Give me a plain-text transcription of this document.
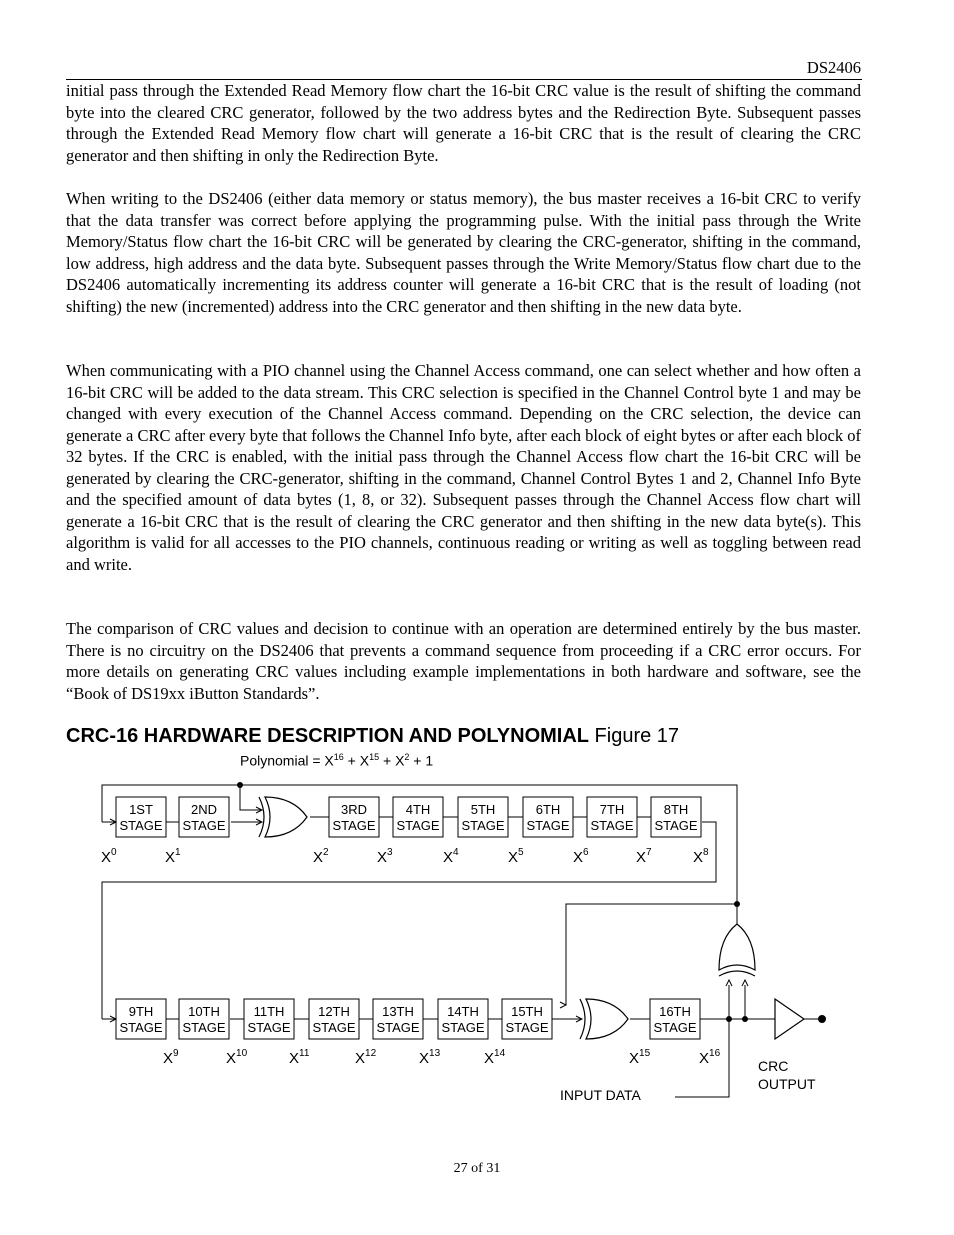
DS2406

initial pass through the Extended Read Memory flow chart the 16-bit CRC value is the result of shifting the command byte into the cleared CRC generator, followed by the two address bytes and the Redirection Byte. Subsequent passes through the Extended Read Memory flow chart will generate a 16-bit CRC that is the result of clearing the CRC generator and then shifting in only the Redirection Byte.

When writing to the DS2406 (either data memory or status memory), the bus master receives a 16-bit CRC to verify that the data transfer was correct before applying the programming pulse. With the initial pass through the Write Memory/Status flow chart the 16-bit CRC will be generated by clearing the CRC-generator, shifting in the command, low address, high address and the data byte. Subsequent passes through the Write Memory/Status flow chart due to the DS2406 automatically incrementing its address counter will generate a 16-bit CRC that is the result of loading (not shifting) the new (incremented) address into the CRC generator and then shifting in the new data byte.

When communicating with a PIO channel using the Channel Access command, one can select whether and how often a 16-bit CRC will be added to the data stream. This CRC selection is specified in the Channel Control byte 1 and may be changed with every execution of the Channel Access command. Depending on the CRC selection, the device can generate a CRC after every byte that follows the Channel Info byte, after each block of eight bytes or after each block of 32 bytes. If the CRC is enabled, with the initial pass through the Channel Access flow chart the 16-bit CRC will be generated by clearing the CRC-generator, shifting in the command, Channel Control Bytes 1 and 2, Channel Info Byte and the specified amount of data bytes (1, 8, or 32). Subsequent passes through the Channel Access flow chart will generate a 16-bit CRC that is the result of clearing the CRC generator and then shifting in the new data byte(s). This algorithm is valid for all accesses to the PIO channels, continuous reading or writing as well as toggling between read and write.

The comparison of CRC values and decision to continue with an operation are determined entirely by the bus master. There is no circuitry on the DS2406 that prevents a command sequence from proceeding if a CRC error occurs. For more details on generating CRC values including example implementations in both hardware and software, see the “Book of DS19xx iButton Standards”.

CRC-16 HARDWARE DESCRIPTION AND POLYNOMIAL Figure 17
Polynomial = $X^{16} + X^{15} + X^2 + 1$
1ST
STAGE
2ND
STAGE
3RD
STAGE
4TH
STAGE
5TH
STAGE
6TH
STAGE
7TH
STAGE
8TH
STAGE
9TH
STAGE
10TH
STAGE
11TH
STAGE
12TH
STAGE
13TH
STAGE
14TH
STAGE
15TH
STAGE
16TH
STAGE
$X^0$	$X^1$	$X^2$	$X^3$	$X^4$	$X^5$	$X^6$	$X^7$	$X^8$
$X^9$	$X^{10}$	$X^{11}$	$X^{12}$	$X^{13}$	$X^{14}$	$X^{15}$	$X^{16}$
CRC
OUTPUT
INPUT DATA
27 of 31
